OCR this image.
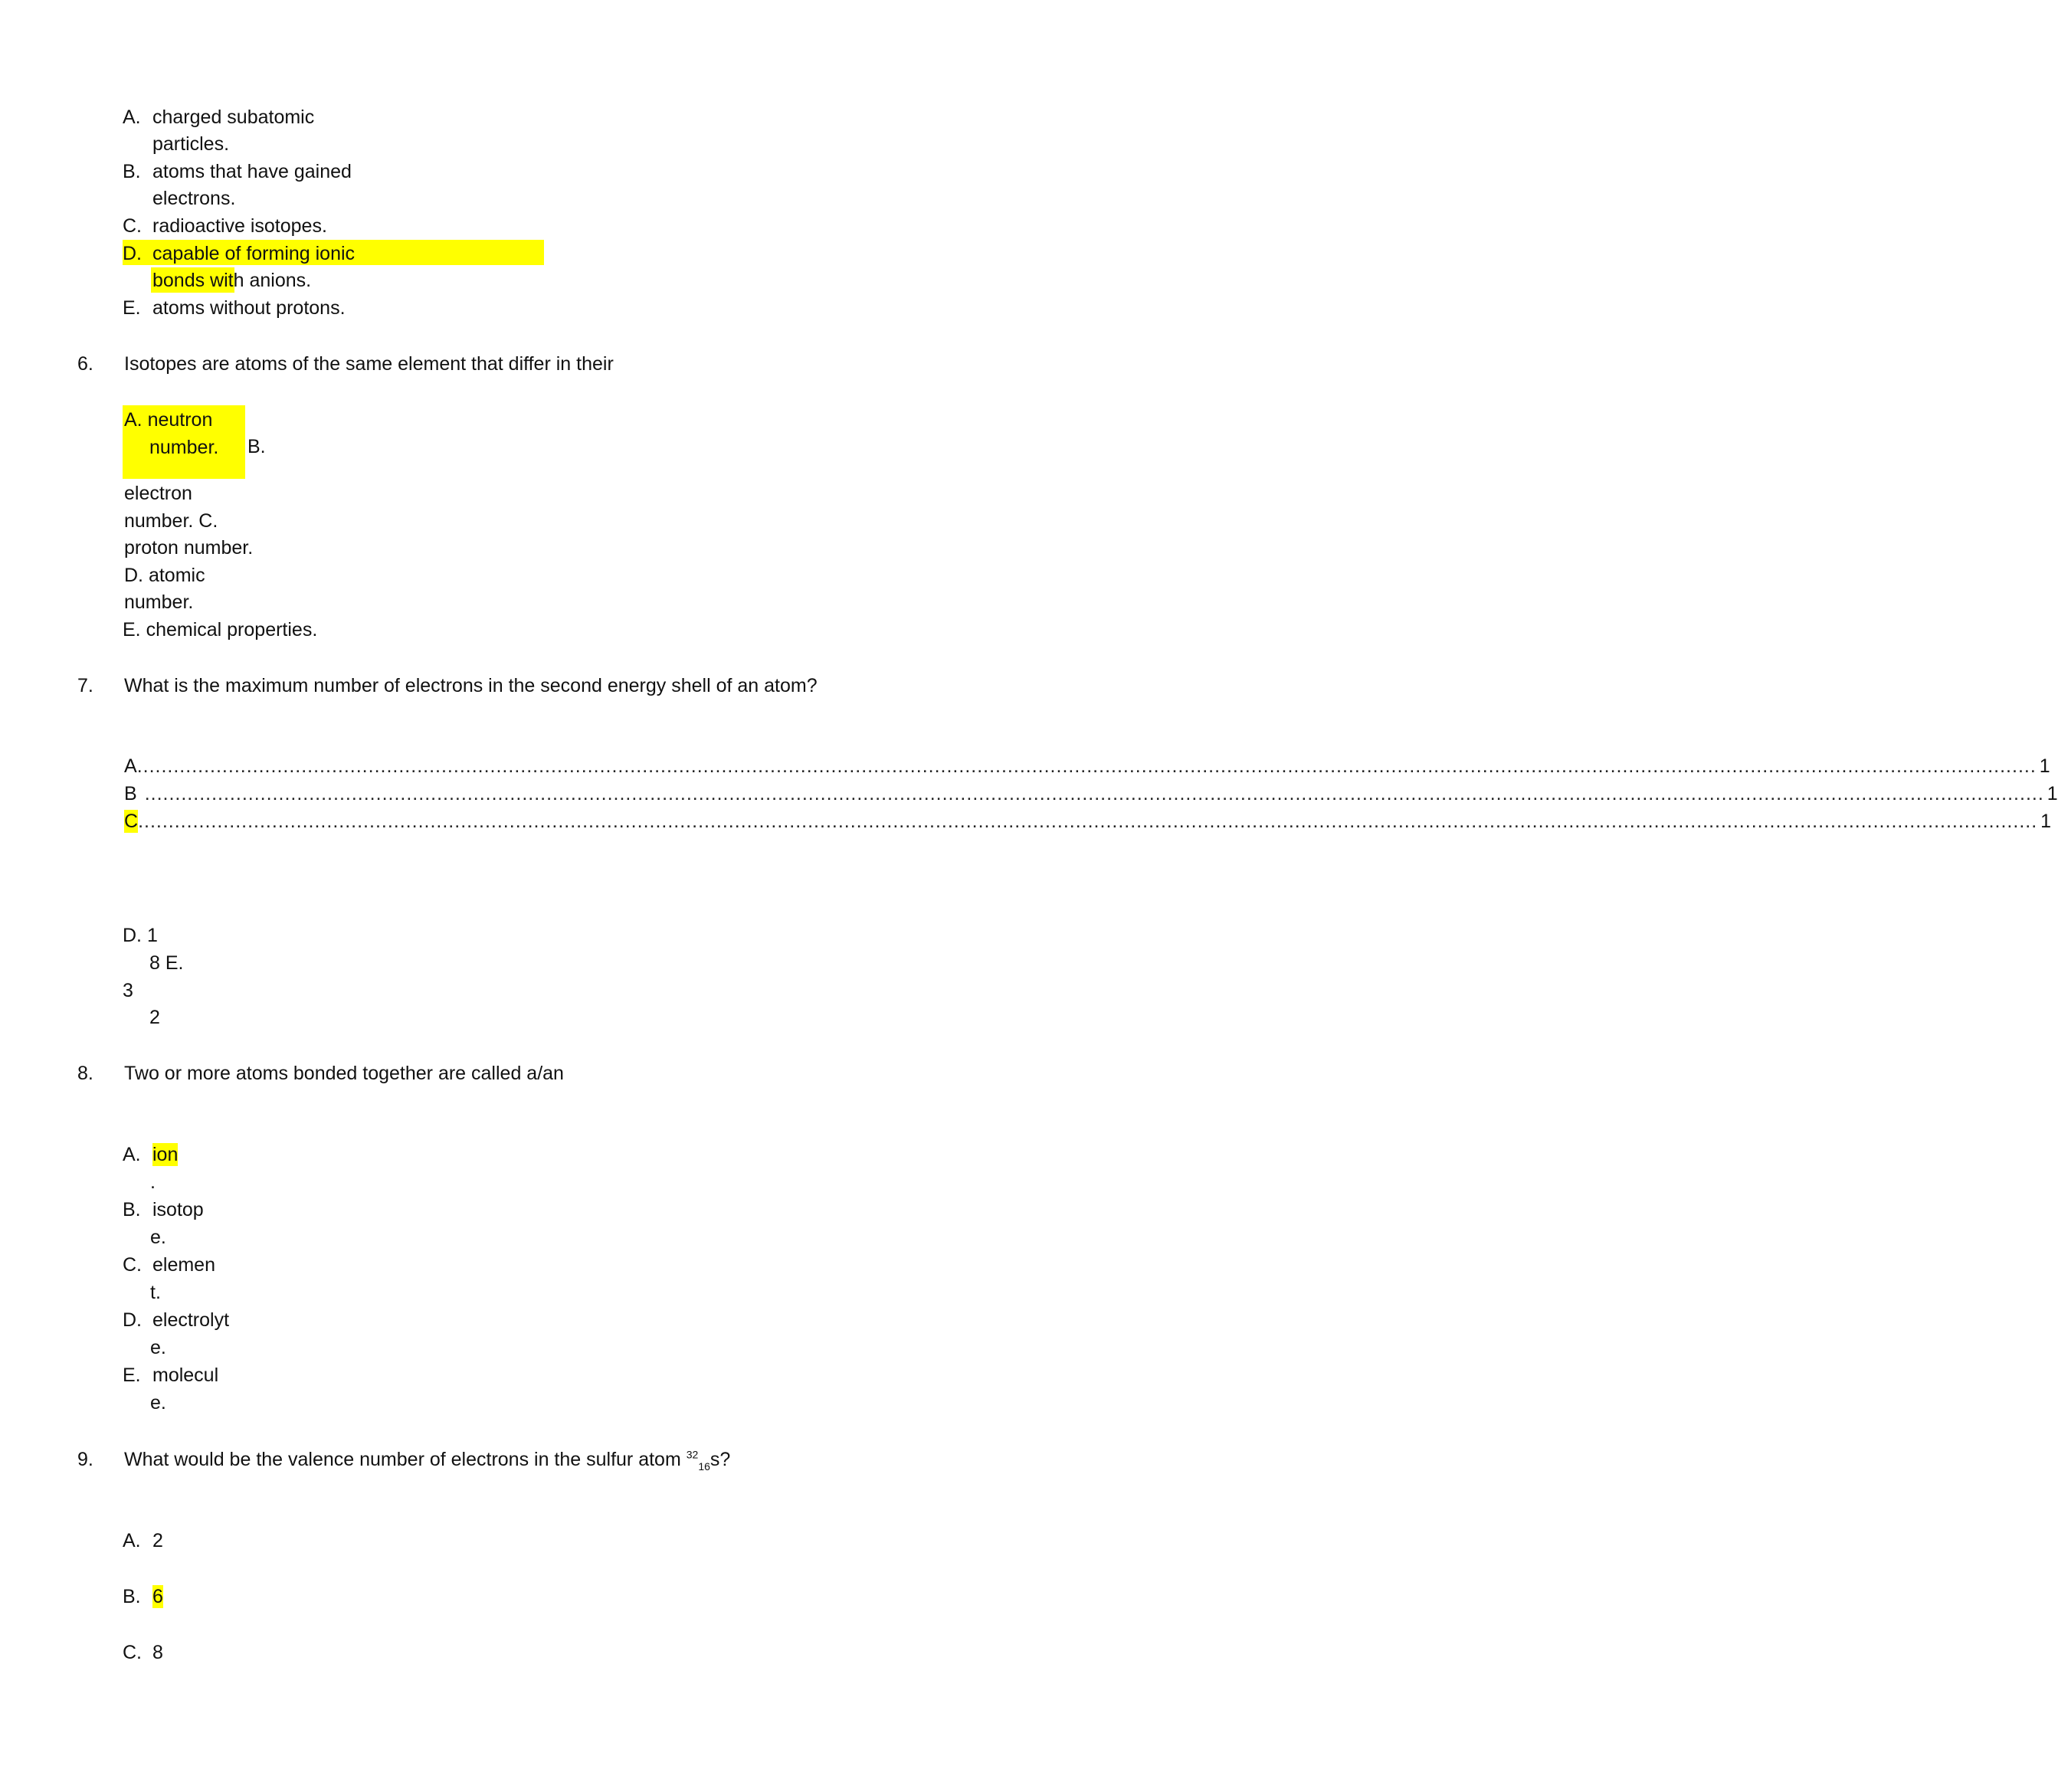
A. charged subatomic
particles.
B. atoms that have gained
electrons.
C. radioactive isotopes.
D. capable of forming ionic
bonds with anions.
E. atoms without protons.
6. Isotopes are atoms of the same element that differ in their
A. neutron
number. B.
electron
number. C.
proton number.
D. atomic
number.
E. chemical properties.
7. What is the maximum number of electrons in the second energy shell of an atom?
A ........................................................................................................................................................................................................................................................................................................................ 1
B ........................................................................................................................................................................................................................................................................................................................ 1
C ........................................................................................................................................................................................................................................................................................................................ 1
D. 1
8 E.
3
2
8. Two or more atoms bonded together are called a/an
A. ion
.
B. isotop
e.
C. elemen
t.
D. electrolyt
e.
E. molecul
e.
9. What would be the valence number of electrons in the sulfur atom $^{32}_{16}$s?
A. 2
B. 6
C. 8
